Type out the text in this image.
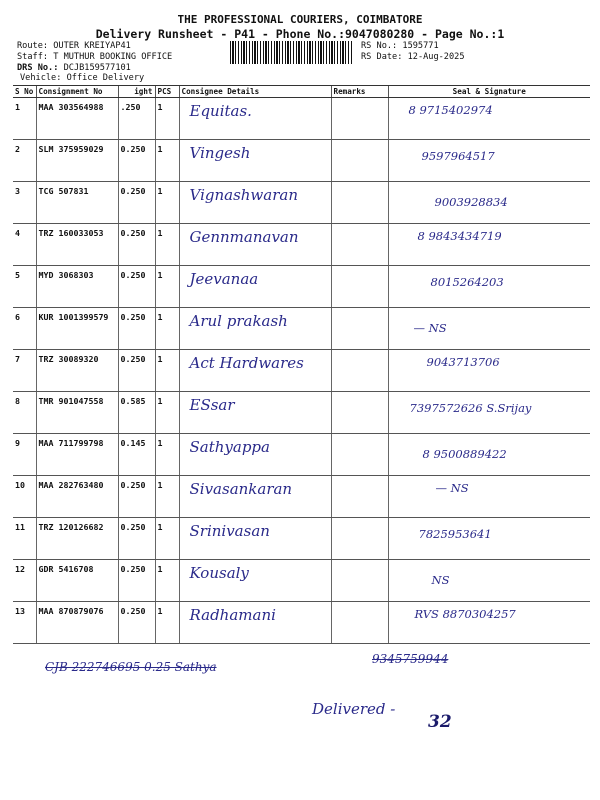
THE PROFESSIONAL COURIERS, COIMBATORE
Delivery Runsheet - P41 - Phone No.:9047080280 - Page No.:1
Route: OUTER KREIYAP41
Staff: T MUTHUR BOOKING OFFICE
DRS No.: DCJB159577101
Vehicle: Office Delivery
RS No.: 1595771
RS Date: 12-Aug-2025
S No	Consignment No	ight	PCS	Consignee Details	Remarks	Seal & Signature
1	MAA 303564988	.250	1	Equitas.		8 9715402974

2	SLM 375959029	0.250	1	Vingesh		9597964517

3	TCG 507831	0.250	1	Vignashwaran		9003928834

4	TRZ 160033053	0.250	1	Gennmanavan		8 9843434719

5	MYD 3068303	0.250	1	Jeevanaa		8015264203

6	KUR 1001399579	0.250	1	Arul prakash		— NS

7	TRZ 30089320	0.250	1	Act Hardwares		9043713706

8	TMR 901047558	0.585	1	ESsar		7397572626 S.Srijay

9	MAA 711799798	0.145	1	Sathyappa		8 9500889422

10	MAA 282763480	0.250	1	Sivasankaran		— NS

11	TRZ 120126682	0.250	1	Srinivasan		7825953641

12	GDR 5416708	0.250	1	Kousaly		NS

13	MAA 870879076	0.250	1	Radhamani		RVS 8870304257
CJB 222746695 0.25 Sathya
9345759944
Delivered -
32
